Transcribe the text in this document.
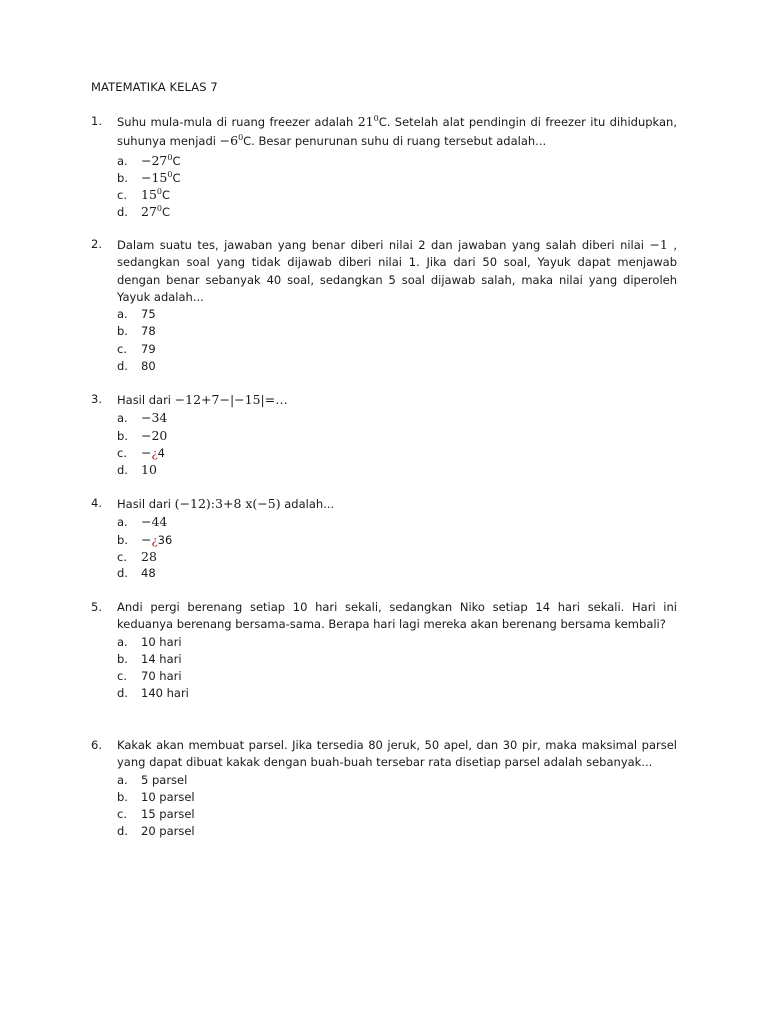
MATEMATIKA KELAS 7
1.	Suhu mula-mula di ruang freezer adalah $21^0C$. Setelah alat pendingin di freezer itu dihidupkan, suhunya menjadi $-6^0C$. Besar penurunan suhu di ruang tersebut adalah...
a. $-27^0C$
b. $-15^0C$
c. $15^0C$
d. $27^0C$
2.	Dalam suatu tes, jawaban yang benar diberi nilai 2 dan jawaban yang salah diberi nilai −1 , sedangkan soal yang tidak dijawab diberi nilai 1. Jika dari 50 soal, Yayuk dapat menjawab dengan benar sebanyak 40 soal, sedangkan 5 soal dijawab salah, maka nilai yang diperoleh Yayuk adalah...
a. 75
b. 78
c. 79
d. 80
3.	Hasil dari −12+7−|−15|=…
a. −34
b. −20
c. −¿4
d. 10
4.	Hasil dari (−12):3+8 x(−5) adalah...
a. −44
b. −¿36
c. 28
d. 48
5.	Andi pergi berenang setiap 10 hari sekali, sedangkan Niko setiap 14 hari sekali. Hari ini keduanya berenang bersama-sama. Berapa hari lagi mereka akan berenang bersama kembali?
a. 10 hari
b. 14 hari
c. 70 hari
d. 140 hari
6.	Kakak akan membuat parsel. Jika tersedia 80 jeruk, 50 apel, dan 30 pir, maka maksimal parsel yang dapat dibuat kakak dengan buah-buah tersebar rata disetiap parsel adalah sebanyak...
a. 5 parsel
b. 10 parsel
c. 15 parsel
d. 20 parsel
